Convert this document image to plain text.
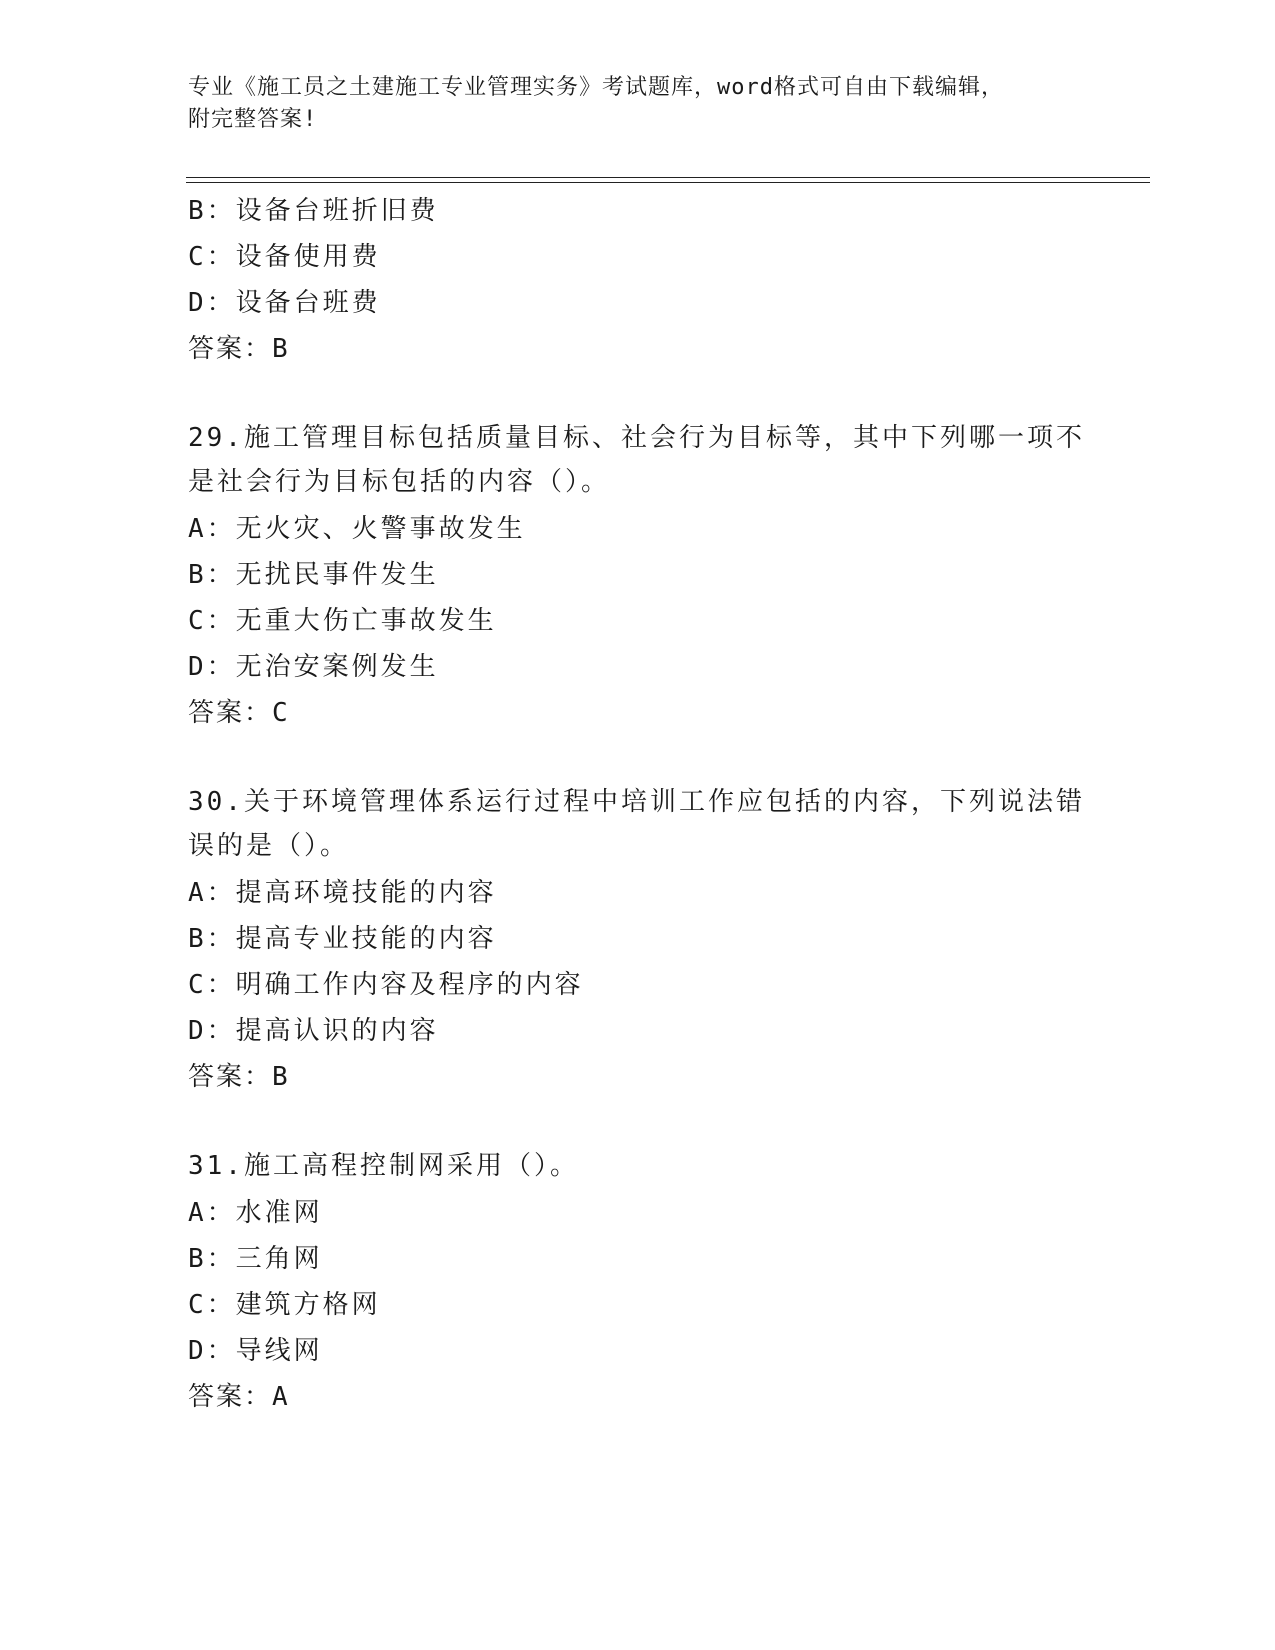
专业《施工员之土建施工专业管理实务》考试题库，word格式可自由下载编辑，
附完整答案!
B：设备台班折旧费
C：设备使用费
D：设备台班费
答案：B
29.施工管理目标包括质量目标、社会行为目标等，其中下列哪一项不
是社会行为目标包括的内容（）。
A：无火灾、火警事故发生
B：无扰民事件发生
C：无重大伤亡事故发生
D：无治安案例发生
答案：C
30.关于环境管理体系运行过程中培训工作应包括的内容，下列说法错
误的是（）。
A：提高环境技能的内容
B：提高专业技能的内容
C：明确工作内容及程序的内容
D：提高认识的内容
答案：B
31.施工高程控制网采用（）。
A：水准网
B：三角网
C：建筑方格网
D：导线网
答案：A
